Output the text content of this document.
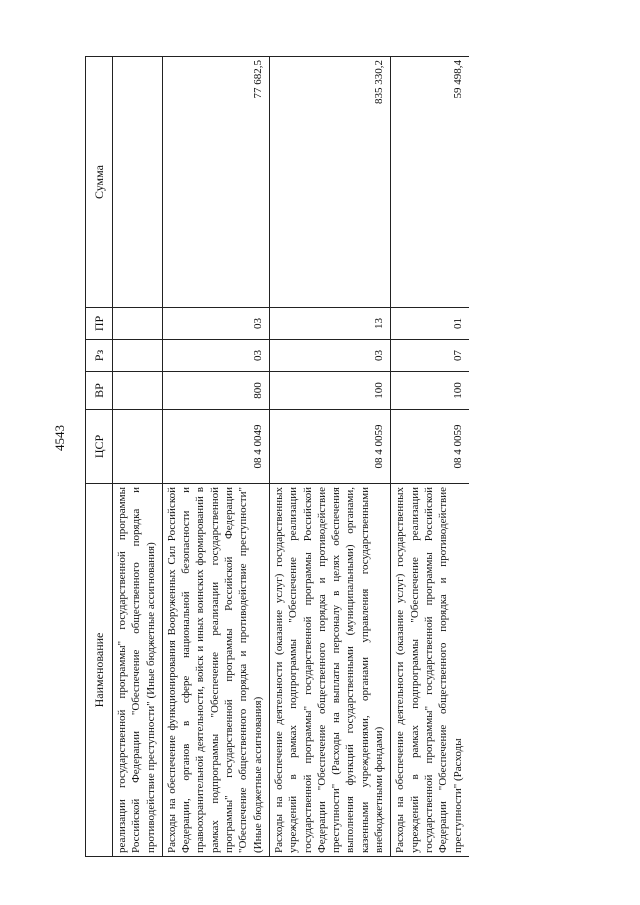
4543
Наименование	ЦСР	ВР	Рз	ПР	Сумма
реализации государственной программы" государственной программы Российской Федерации "Обеспечение общественного порядка и противодействие преступности" (Иные бюджетные ассигнования)					
Расходы на обеспечение функционирования Вооруженных Сил Российской Федерации, органов в сфере национальной безопасности и правоохранительной деятельности, войск и иных воинских формирований в рамках подпрограммы "Обеспечение реализации государственной программы" государственной программы Российской Федерации "Обеспечение общественного порядка и противодействие преступности" (Иные бюджетные ассигнования)	08 4 0049	800	03	03	77 682,5
Расходы на обеспечение деятельности (оказание услуг) государственных учреждений в рамках подпрограммы "Обеспечение реализации государственной программы" государственной программы Российской Федерации "Обеспечение общественного порядка и противодействие преступности" (Расходы на выплаты персоналу в целях обеспечения выполнения функций государственными (муниципальными) органами, казенными учреждениями, органами управления государственными внебюджетными фондами)	08 4 0059	100	03	13	835 330,2
Расходы на обеспечение деятельности (оказание услуг) государственных учреждений в рамках подпрограммы "Обеспечение реализации государственной программы" государственной программы Российской Федерации "Обеспечение общественного порядка и противодействие преступности" (Расходы	08 4 0059	100	07	01	59 498,4
